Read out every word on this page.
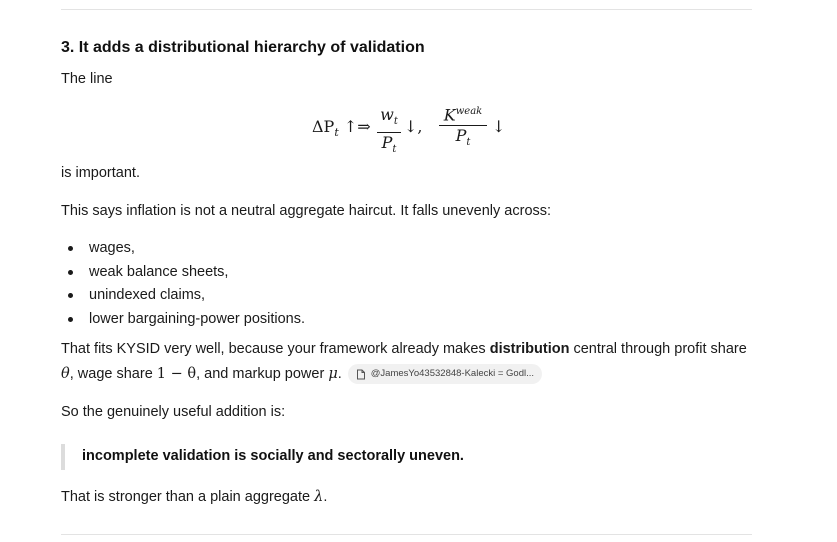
3. It adds a distributional hierarchy of validation

The line

$\Delta P_t$ ↑⇒
$w_t$
$P_t$
↓,
$K^{weak}$
$P_t$
↓

is important.

This says inflation is not a neutral aggregate haircut. It falls unevenly across:

wages,
weak balance sheets,
unindexed claims,
lower bargaining-power positions.
That fits KYSID very well, because your framework already makes distribution central through profit share
θ, wage share 1 − θ, and markup power μ.	@JamesYo43532848-Kalecki = Godl...

So the genuinely useful addition is:

incomplete validation is socially and sectorally uneven.
That is stronger than a plain aggregate λ.
